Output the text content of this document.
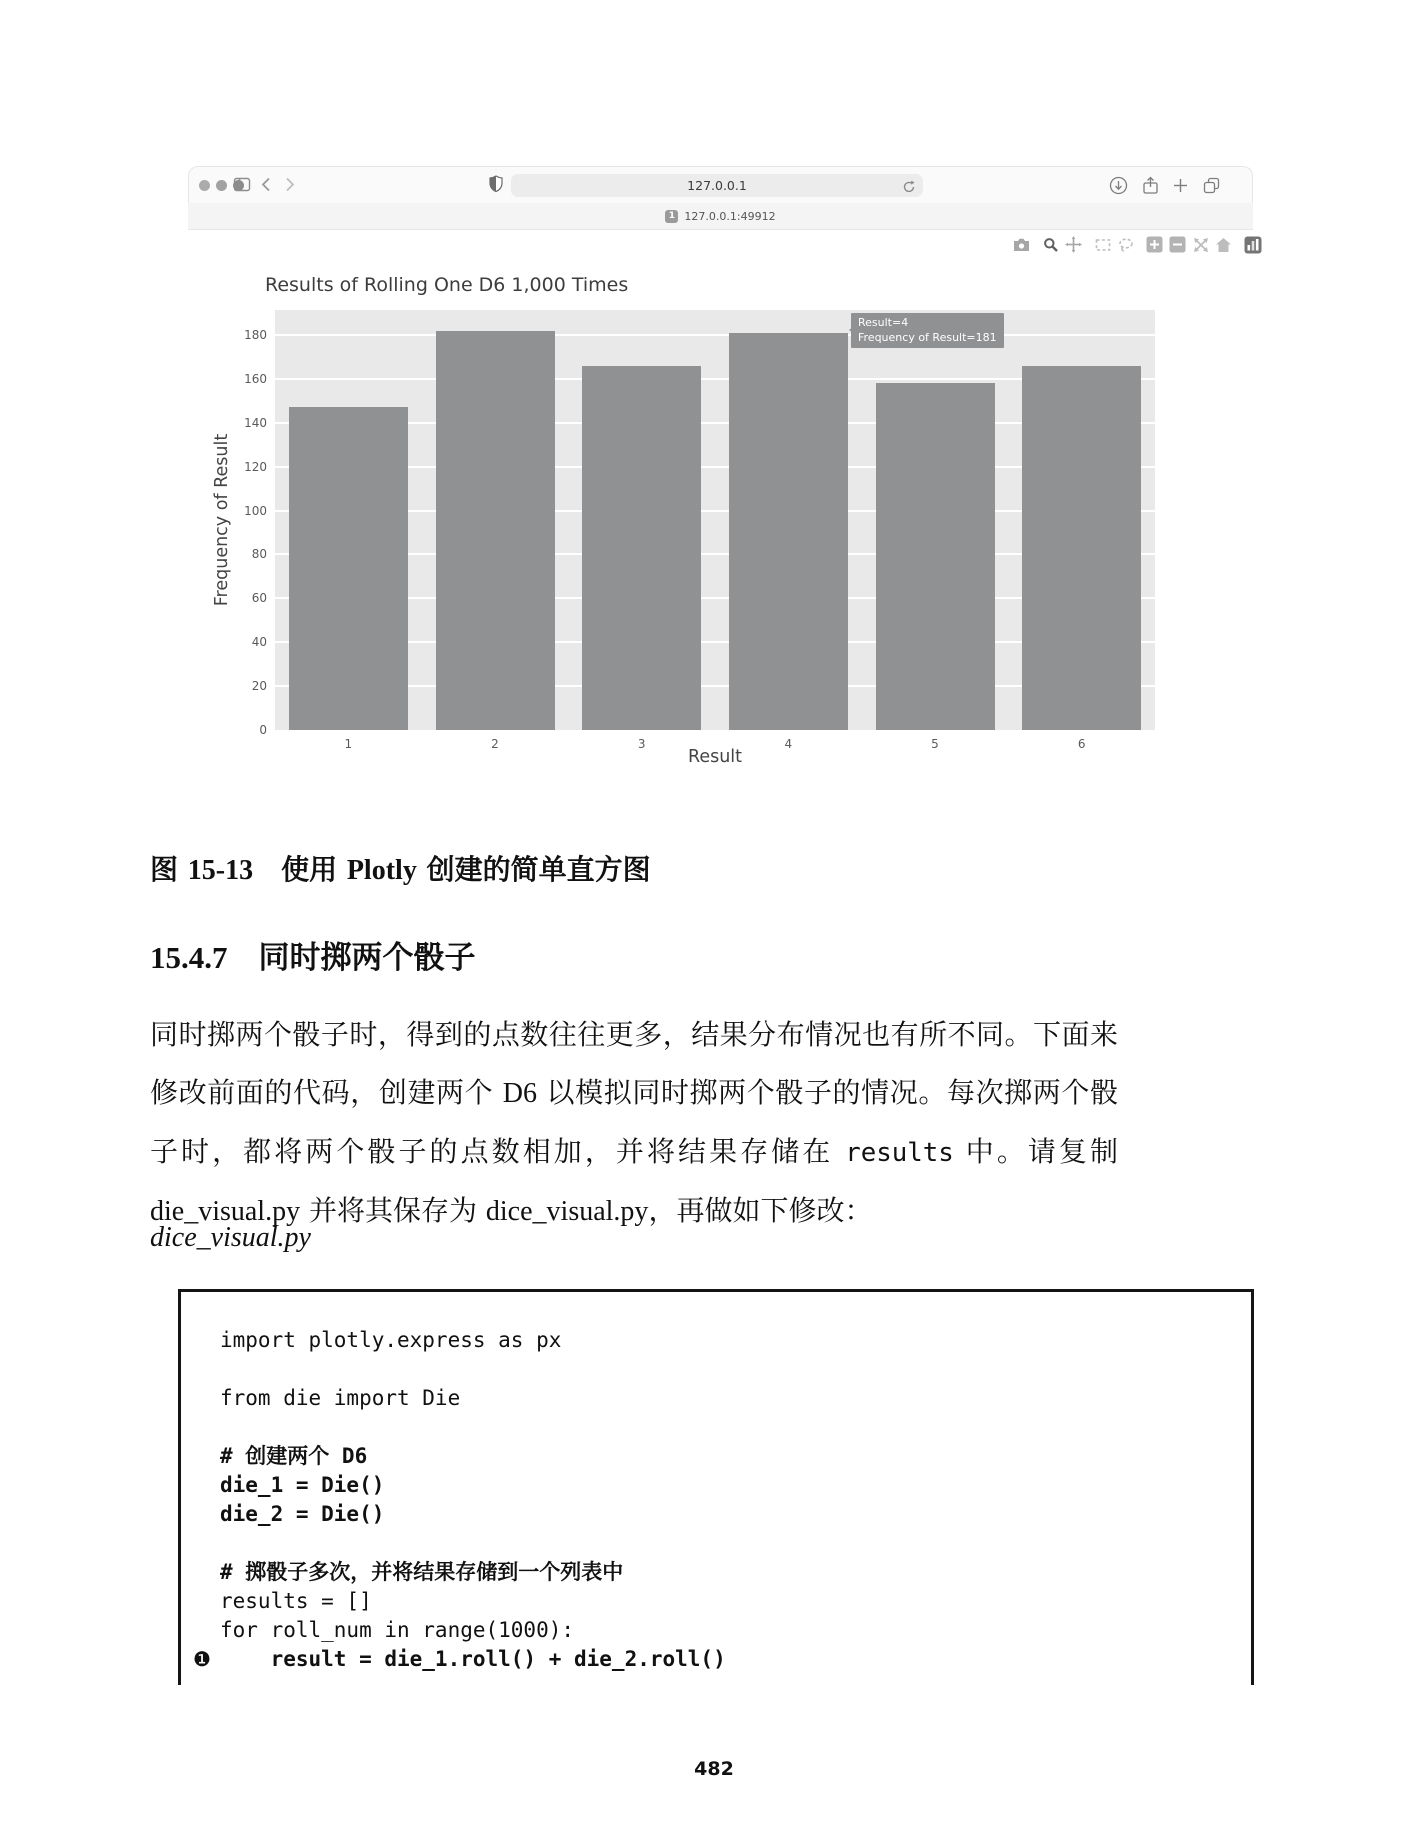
127.0.0.1
1 127.0.0.1:49912
Results of Rolling One D6 1,000 Times
0
20
40
60
80
100
120
140
160
180
1	2	3	4	5	6
Result=4
Frequency of Result=181
Frequency of Result
Result
图 15-13　使用 Plotly 创建的简单直方图
15.4.7　同时掷两个骰子
同时掷两个骰子时，得到的点数往往更多，结果分布情况也有所不同。下面来修改前面的代码，创建两个 D6 以模拟同时掷两个骰子的情况。每次掷两个骰子时，都将两个骰子的点数相加，并将结果存储在 results 中。请复制 die_visual.py 并将其保存为 dice_visual.py，再做如下修改：
dice_visual.py
import plotly.express as px
from die import Die
# 创建两个 D6
die_1 = Die()
die_2 = Die()
# 掷骰子多次，并将结果存储到一个列表中
results = []
for roll_num in range(1000):
result = die_1.roll() + die_2.roll()
❶
482
